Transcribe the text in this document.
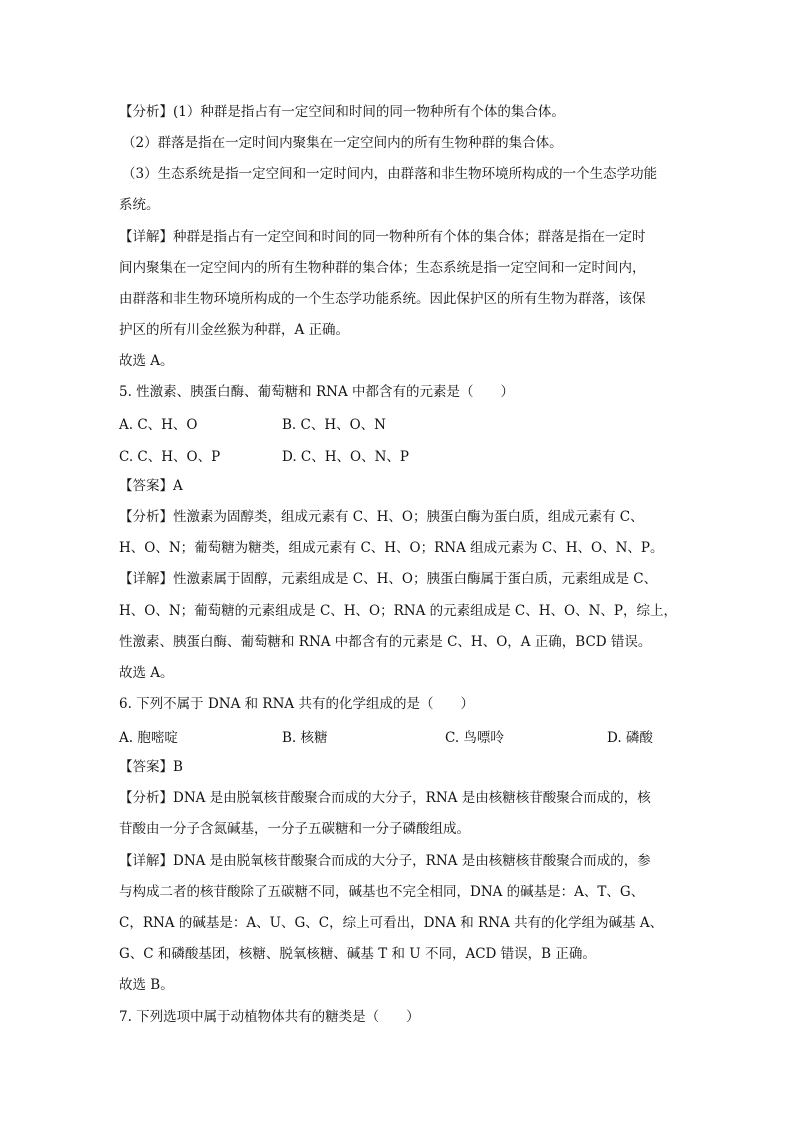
【分析】(1）种群是指占有一定空间和时间的同一物种所有个体的集合体。
（2）群落是指在一定时间内聚集在一定空间内的所有生物种群的集合体。
（3）生态系统是指一定空间和一定时间内，由群落和非生物环境所构成的一个生态学功能
系统。
【详解】种群是指占有一定空间和时间的同一物种所有个体的集合体；群落是指在一定时
间内聚集在一定空间内的所有生物种群的集合体；生态系统是指一定空间和一定时间内，
由群落和非生物环境所构成的一个生态学功能系统。因此保护区的所有生物为群落，该保
护区的所有川金丝猴为种群，A 正确。
故选 A。
5. 性激素、胰蛋白酶、葡萄糖和 RNA 中都含有的元素是（　　）
A. C、H、O	B. C、H、O、N
C. C、H、O、P	D. C、H、O、N、P
【答案】A
【分析】性激素为固醇类，组成元素有 C、H、O；胰蛋白酶为蛋白质，组成元素有 C、
H、O、N；葡萄糖为糖类，组成元素有 C、H、O；RNA 组成元素为 C、H、O、N、P。
【详解】性激素属于固醇，元素组成是 C、H、O；胰蛋白酶属于蛋白质，元素组成是 C、
H、O、N；葡萄糖的元素组成是 C、H、O；RNA 的元素组成是 C、H、O、N、P，综上，
性激素、胰蛋白酶、葡萄糖和 RNA 中都含有的元素是 C、H、O，A 正确，BCD 错误。
故选 A。
6. 下列不属于 DNA 和 RNA 共有的化学组成的是（　　）
A. 胞嘧啶	B. 核糖	C. 鸟嘌呤	D. 磷酸
【答案】B
【分析】DNA 是由脱氧核苷酸聚合而成的大分子，RNA 是由核糖核苷酸聚合而成的，核
苷酸由一分子含氮碱基，一分子五碳糖和一分子磷酸组成。
【详解】DNA 是由脱氧核苷酸聚合而成的大分子，RNA 是由核糖核苷酸聚合而成的，参
与构成二者的核苷酸除了五碳糖不同，碱基也不完全相同，DNA 的碱基是：A、T、G、
C，RNA 的碱基是：A、U、G、C，综上可看出，DNA 和 RNA 共有的化学组为碱基 A、
G、C 和磷酸基团，核糖、脱氧核糖、碱基 T 和 U 不同，ACD 错误，B 正确。
故选 B。
7. 下列选项中属于动植物体共有的糖类是（　　）
